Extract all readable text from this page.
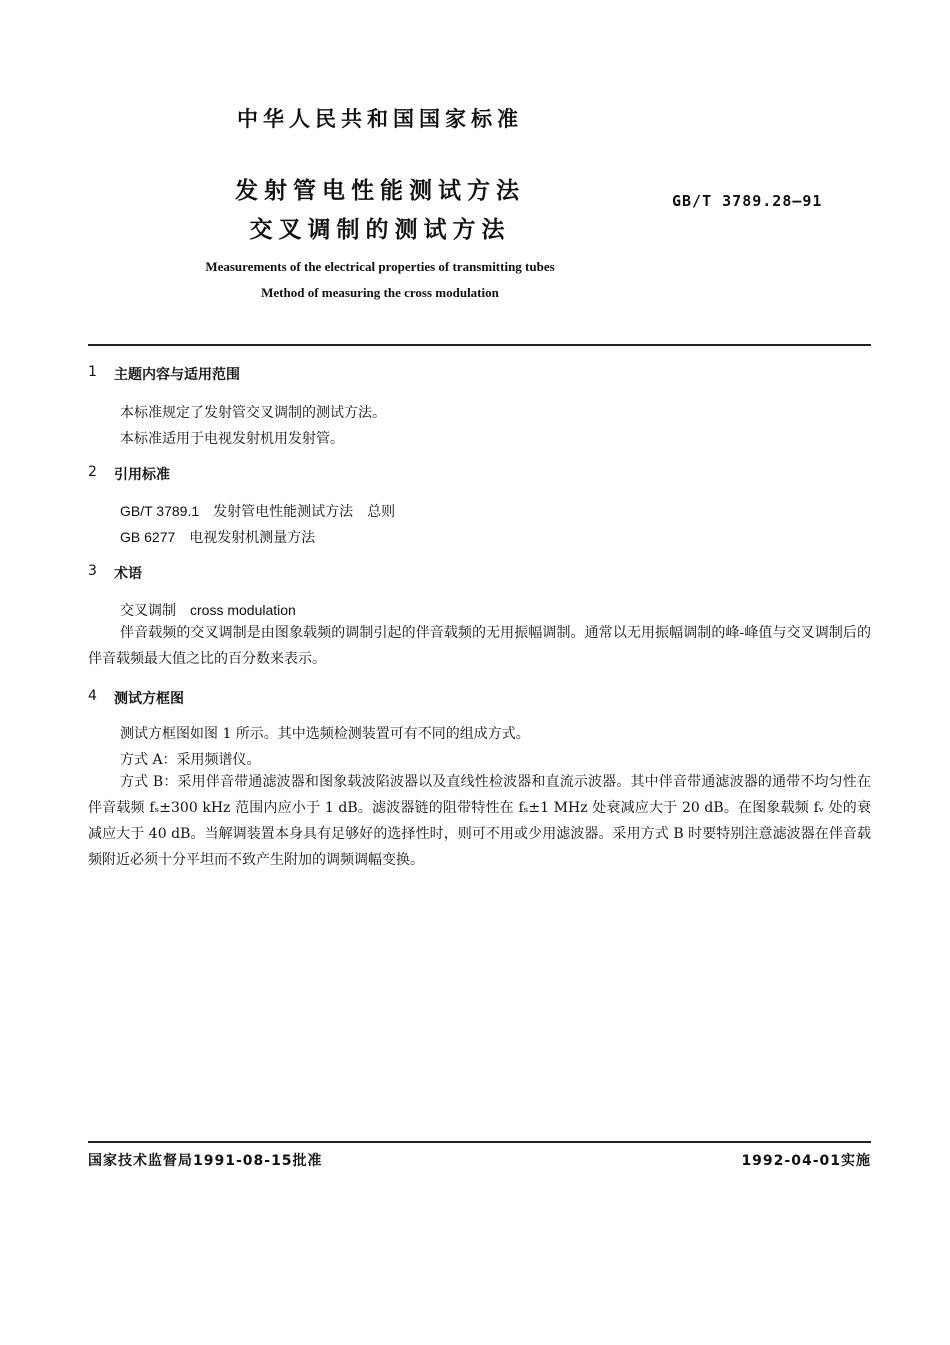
中华人民共和国国家标准
发射管电性能测试方法
交叉调制的测试方法
GB/T 3789.28—91
Measurements of the electrical properties of transmitting tubes
Method of measuring the cross modulation
1 主题内容与适用范围
本标准规定了发射管交叉调制的测试方法。
本标准适用于电视发射机用发射管。
2 引用标准
GB/T 3789.1 发射管电性能测试方法　总则
GB 6277 电视发射机测量方法
3 术语
交叉调制 cross modulation
伴音载频的交叉调制是由图象载频的调制引起的伴音载频的无用振幅调制。通常以无用振幅调制的峰-峰值与交叉调制后的伴音载频最大值之比的百分数来表示。
4 测试方框图
测试方框图如图 1 所示。其中选频检测装置可有不同的组成方式。
方式 A：采用频谱仪。
方式 B：采用伴音带通滤波器和图象载波陷波器以及直线性检波器和直流示波器。其中伴音带通滤波器的通带不均匀性在伴音载频 fₛ±300 kHz 范围内应小于 1 dB。滤波器链的阻带特性在 fₛ±1 MHz 处衰减应大于 20 dB。在图象载频 fᵥ 处的衰减应大于 40 dB。当解调装置本身具有足够好的选择性时，则可不用或少用滤波器。采用方式 B 时要特别注意滤波器在伴音载频附近必须十分平坦而不致产生附加的调频调幅变换。
国家技术监督局1991-08-15批准	1992-04-01实施
